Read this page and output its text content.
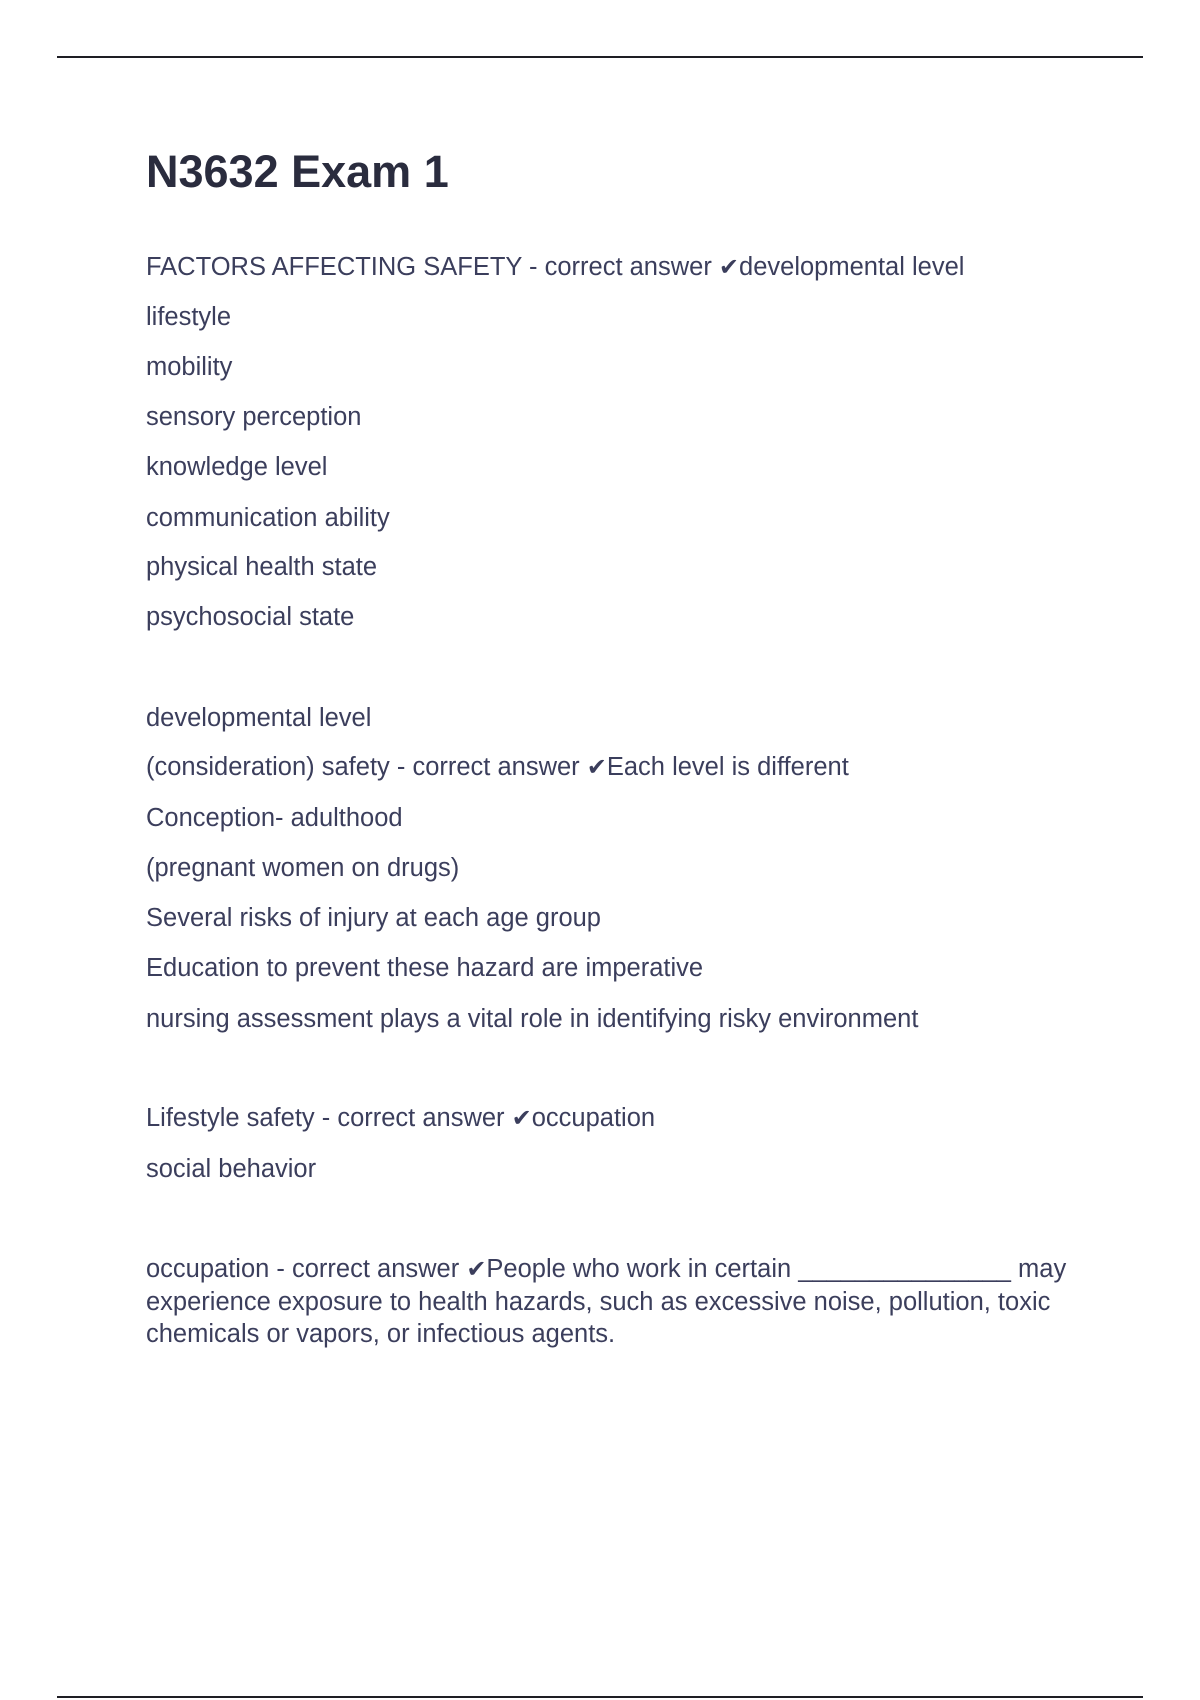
N3632 Exam 1
FACTORS AFFECTING SAFETY - correct answer ✔developmental level
lifestyle
mobility
sensory perception
knowledge level
communication ability
physical health state
psychosocial state
developmental level
(consideration) safety - correct answer ✔Each level is different
Conception- adulthood
(pregnant women on drugs)
Several risks of injury at each age group
Education to prevent these hazard are imperative
nursing assessment plays a vital role in identifying risky environment
Lifestyle safety - correct answer ✔occupation
social behavior
occupation - correct answer ✔People who work in certain _______________ may experience exposure to health hazards, such as excessive noise, pollution, toxic chemicals or vapors, or infectious agents.
